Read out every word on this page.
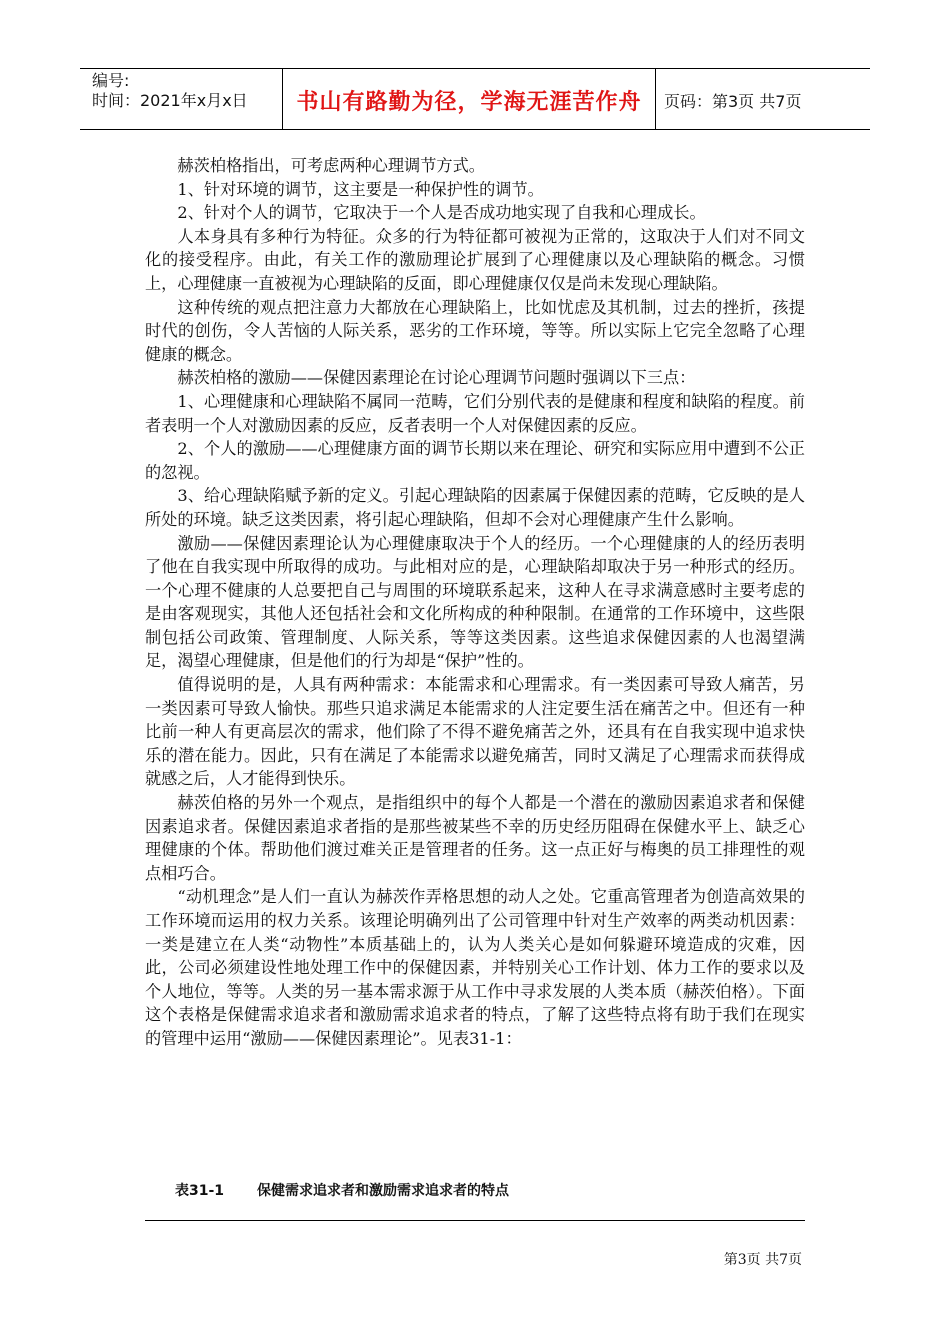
编号:
时间：2021年x月x日	书山有路勤为径，学海无涯苦作舟	页码：第3页 共7页

赫茨柏格指出，可考虑两种心理调节方式。

1、针对环境的调节，这主要是一种保护性的调节。

2、针对个人的调节，它取决于一个人是否成功地实现了自我和心理成长。

人本身具有多种行为特征。众多的行为特征都可被视为正常的，这取决于人们对不同文化的接受程序。由此，有关工作的激励理论扩展到了心理健康以及心理缺陷的概念。习惯上，心理健康一直被视为心理缺陷的反面，即心理健康仅仅是尚未发现心理缺陷。

这种传统的观点把注意力大都放在心理缺陷上，比如忧虑及其机制，过去的挫折，孩提时代的创伤，令人苦恼的人际关系，恶劣的工作环境，等等。所以实际上它完全忽略了心理健康的概念。

赫茨柏格的激励——保健因素理论在讨论心理调节问题时强调以下三点：

1、心理健康和心理缺陷不属同一范畴，它们分别代表的是健康和程度和缺陷的程度。前者表明一个人对激励因素的反应，反者表明一个人对保健因素的反应。

2、个人的激励——心理健康方面的调节长期以来在理论、研究和实际应用中遭到不公正的忽视。

3、给心理缺陷赋予新的定义。引起心理缺陷的因素属于保健因素的范畴，它反映的是人所处的环境。缺乏这类因素，将引起心理缺陷，但却不会对心理健康产生什么影响。

激励——保健因素理论认为心理健康取决于个人的经历。一个心理健康的人的经历表明了他在自我实现中所取得的成功。与此相对应的是，心理缺陷却取决于另一种形式的经历。一个心理不健康的人总要把自己与周围的环境联系起来，这种人在寻求满意感时主要考虑的是由客观现实，其他人还包括社会和文化所构成的种种限制。在通常的工作环境中，这些限制包括公司政策、管理制度、人际关系，等等这类因素。这些追求保健因素的人也渴望满足，渴望心理健康，但是他们的行为却是“保护”性的。

值得说明的是，人具有两种需求：本能需求和心理需求。有一类因素可导致人痛苦，另一类因素可导致人愉快。那些只追求满足本能需求的人注定要生活在痛苦之中。但还有一种比前一种人有更高层次的需求，他们除了不得不避免痛苦之外，还具有在自我实现中追求快乐的潜在能力。因此，只有在满足了本能需求以避免痛苦，同时又满足了心理需求而获得成就感之后，人才能得到快乐。

赫茨伯格的另外一个观点，是指组织中的每个人都是一个潜在的激励因素追求者和保健因素追求者。保健因素追求者指的是那些被某些不幸的历史经历阻碍在保健水平上、缺乏心理健康的个体。帮助他们渡过难关正是管理者的任务。这一点正好与梅奥的员工排理性的观点相巧合。

“动机理念”是人们一直认为赫茨作弄格思想的动人之处。它重高管理者为创造高效果的工作环境而运用的权力关系。该理论明确列出了公司管理中针对生产效率的两类动机因素：一类是建立在人类“动物性”本质基础上的，认为人类关心是如何躲避环境造成的灾难，因此，公司必须建设性地处理工作中的保健因素，并特别关心工作计划、体力工作的要求以及个人地位，等等。人类的另一基本需求源于从工作中寻求发展的人类本质（赫茨伯格）。下面这个表格是保健需求追求者和激励需求追求者的特点，了解了这些特点将有助于我们在现实的管理中运用“激励——保健因素理论”。见表31-1：

表31-1 保健需求追求者和激励需求追求者的特点
第3页 共7页
